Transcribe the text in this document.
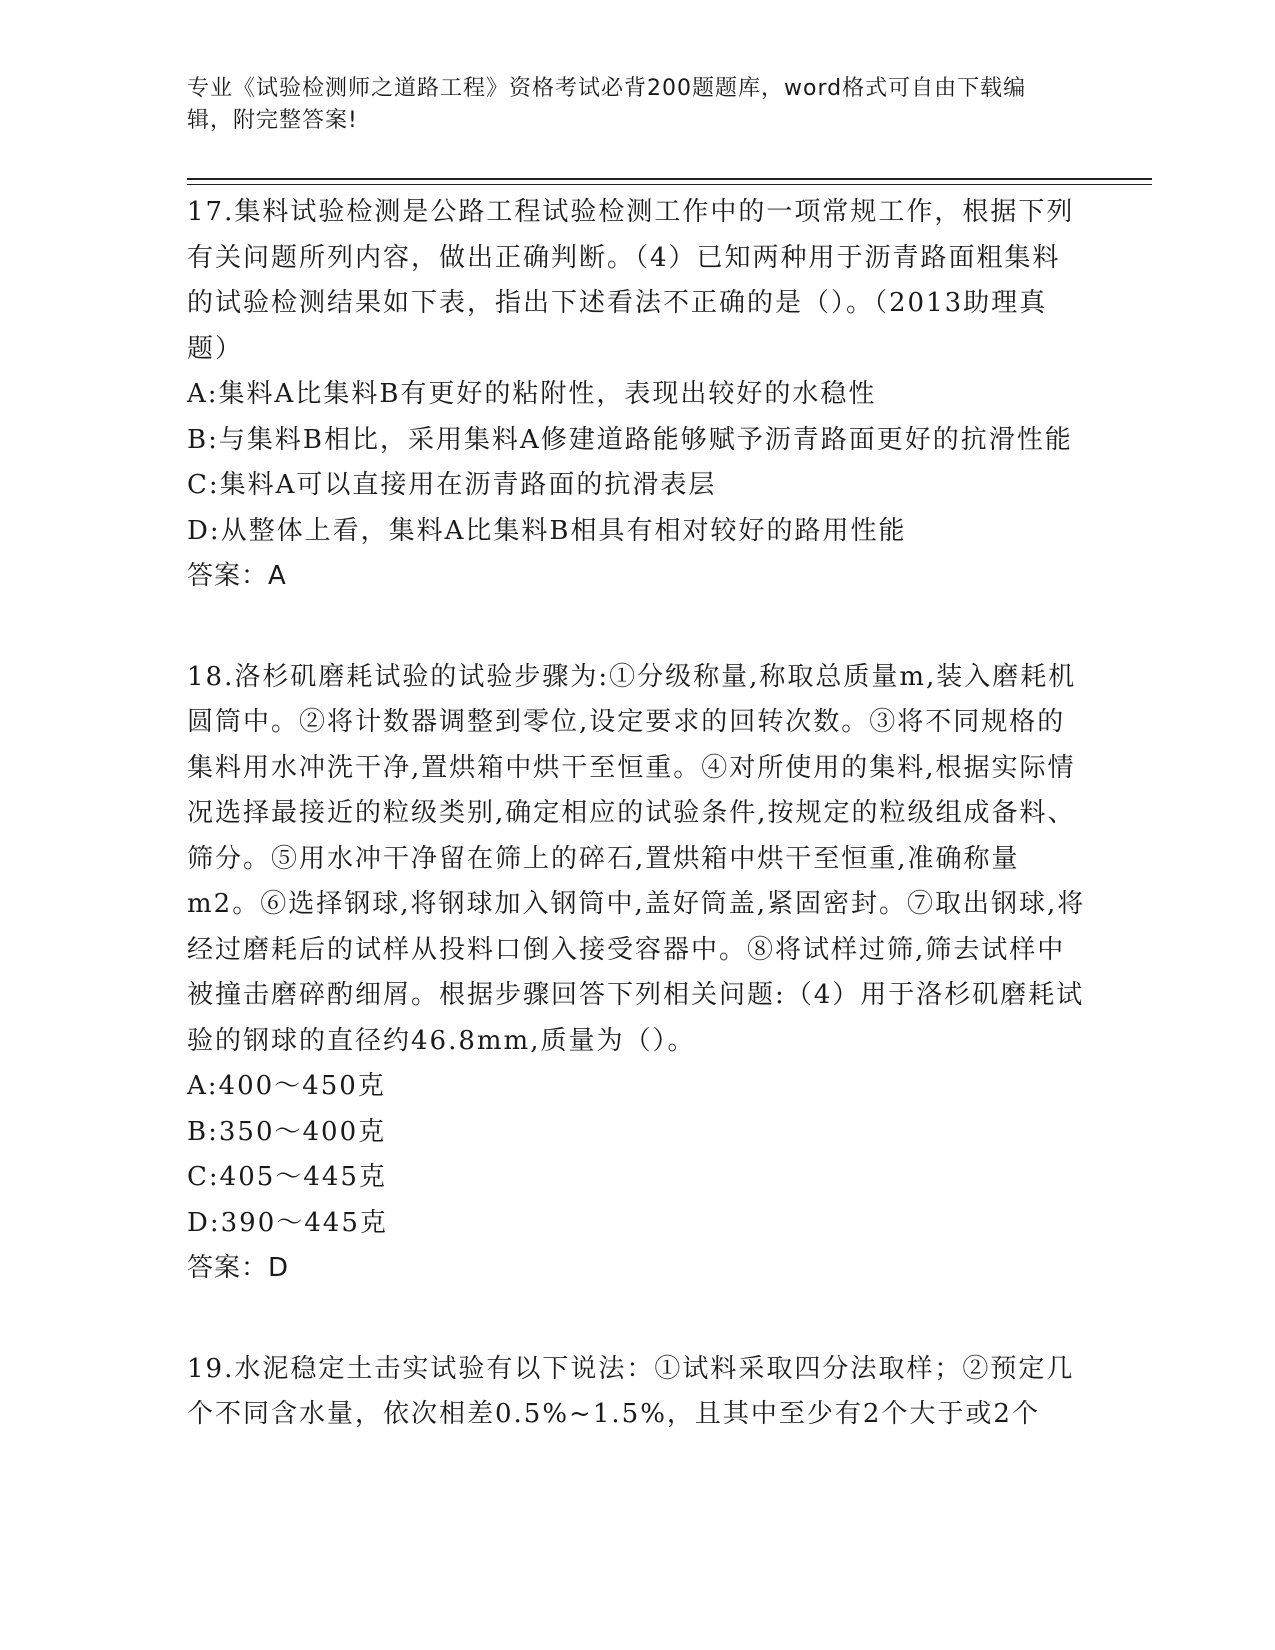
专业《试验检测师之道路工程》资格考试必背200题题库，word格式可自由下载编辑，附完整答案!

17.集料试验检测是公路工程试验检测工作中的一项常规工作，根据下列有关问题所列内容，做出正确判断。（4）已知两种用于沥青路面粗集料的试验检测结果如下表，指出下述看法不正确的是（）。（2013助理真题）

A:集料A比集料B有更好的粘附性，表现出较好的水稳性

B:与集料B相比，采用集料A修建道路能够赋予沥青路面更好的抗滑性能

C:集料A可以直接用在沥青路面的抗滑表层

D:从整体上看，集料A比集料B相具有相对较好的路用性能

答案：A

18.洛杉矶磨耗试验的试验步骤为:①分级称量,称取总质量m,装入磨耗机圆筒中。②将计数器调整到零位,设定要求的回转次数。③将不同规格的集料用水冲洗干净,置烘箱中烘干至恒重。④对所使用的集料,根据实际情况选择最接近的粒级类别,确定相应的试验条件,按规定的粒级组成备料、筛分。⑤用水冲干净留在筛上的碎石,置烘箱中烘干至恒重,准确称量m2。⑥选择钢球,将钢球加入钢筒中,盖好筒盖,紧固密封。⑦取出钢球,将经过磨耗后的试样从投料口倒入接受容器中。⑧将试样过筛,筛去试样中被撞击磨碎酌细屑。根据步骤回答下列相关问题:（4）用于洛杉矶磨耗试验的钢球的直径约46.8mm,质量为（）。

A:400～450克

B:350～400克

C:405～445克

D:390～445克

答案：D

19.水泥稳定土击实试验有以下说法：①试料采取四分法取样；②预定几个不同含水量，依次相差0.5%~1.5%，且其中至少有2个大于或2个
